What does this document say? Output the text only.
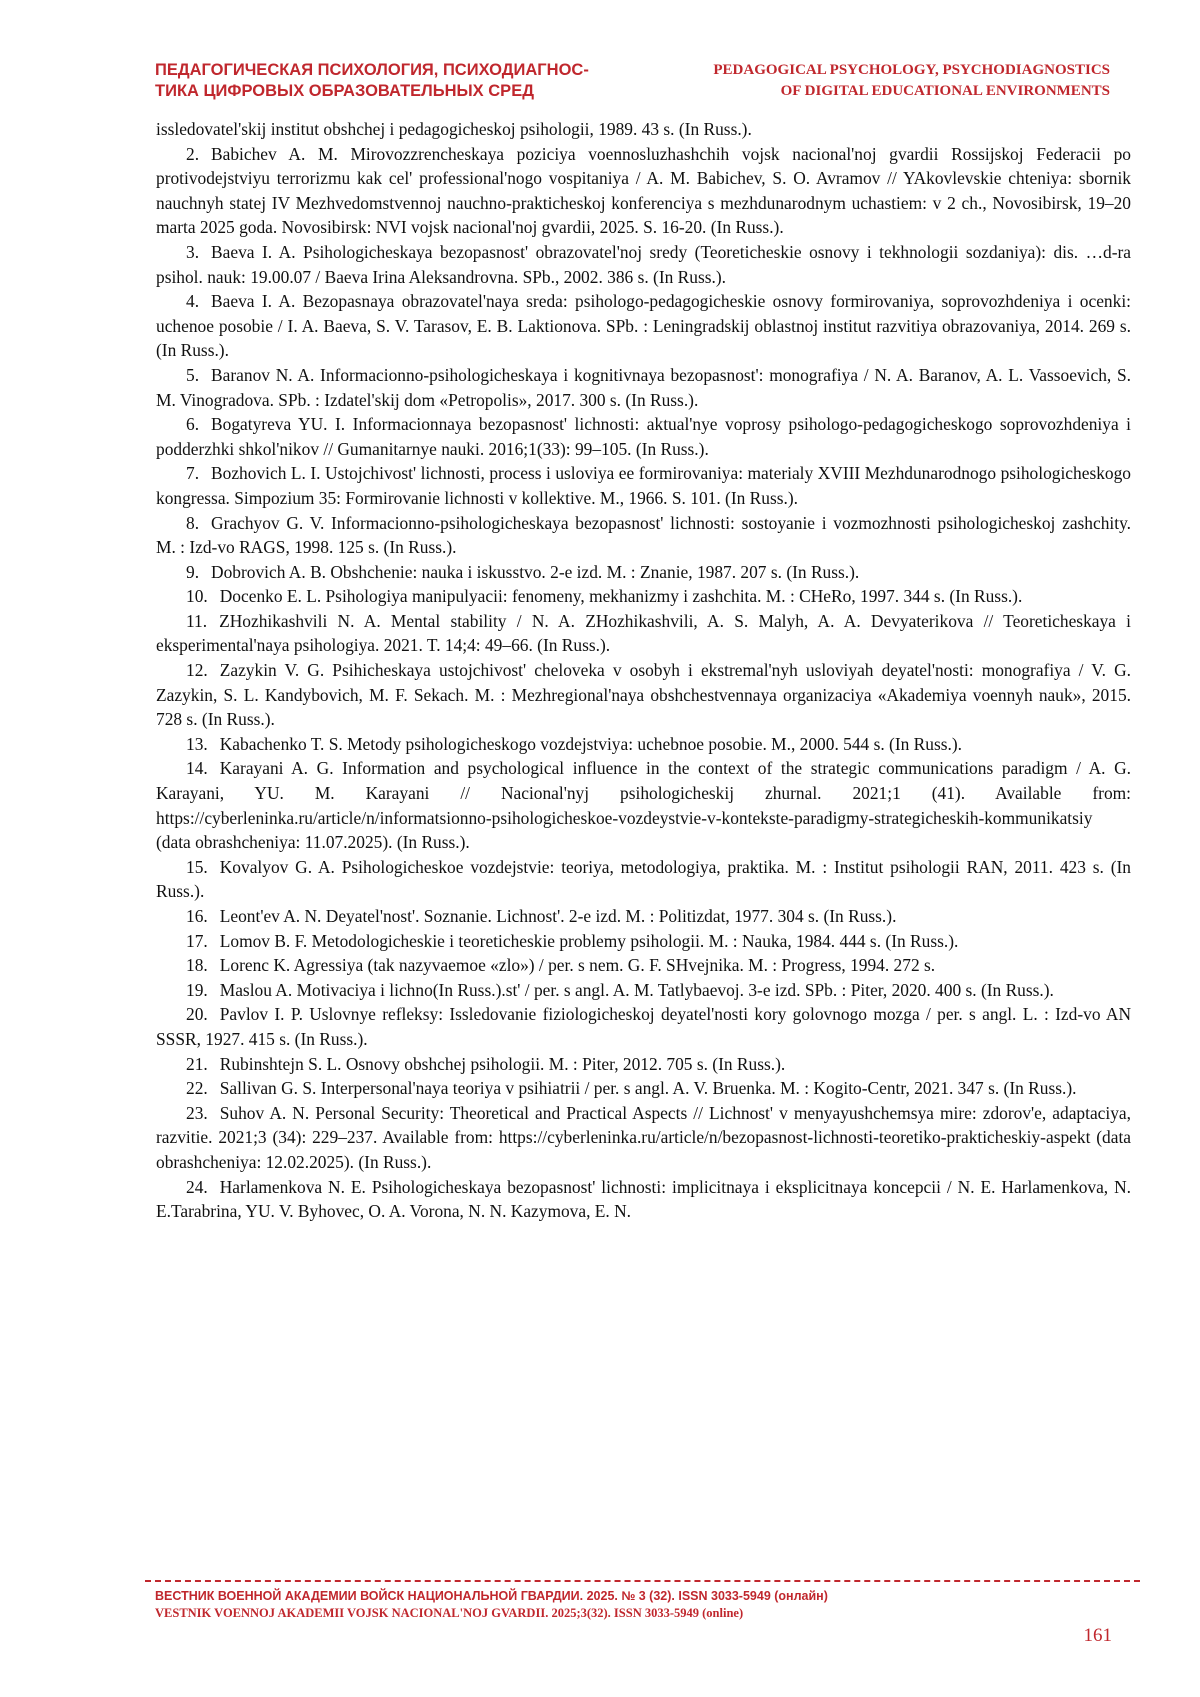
ПЕДАГОГИЧЕСКАЯ ПСИХОЛОГИЯ, ПСИХОДИАГНОС-
ТИКА ЦИФРОВЫХ ОБРАЗОВАТЕЛЬНЫХ СРЕД
PEDAGOGICAL PSYCHOLOGY, PSYCHODIAGNOSTICS
OF DIGITAL EDUCATIONAL ENVIRONMENTS

issledovatel'skij institut obshchej i pedagogicheskoj psihologii, 1989. 43 s. (In Russ.).

2. Babichev A. M. Mirovozzrencheskaya poziciya voennosluzhashchih vojsk nacional'noj gvardii Rossijskoj Federacii po protivodejstviyu terrorizmu kak cel' professional'nogo vospitaniya / A. M. Babichev, S. O. Avramov // YAkovlevskie chteniya: sbornik nauchnyh statej IV Mezhvedomstvennoj nauchno-prakticheskoj konferenciya s mezhdunarodnym uchastiem: v 2 ch., Novosibirsk, 19–20 marta 2025 goda. Novosibirsk: NVI vojsk nacional'noj gvardii, 2025. S. 16-20. (In Russ.).

3. Baeva I. A. Psihologicheskaya bezopasnost' obrazovatel'noj sredy (Teoreticheskie osnovy i tekhnologii sozdaniya): dis. …d-ra psihol. nauk: 19.00.07 / Baeva Irina Aleksandrovna. SPb., 2002. 386 s. (In Russ.).

4. Baeva I. A. Bezopasnaya obrazovatel'naya sreda: psihologo-pedagogicheskie osnovy formirovaniya, soprovozhdeniya i ocenki: uchenoe posobie / I. A. Baeva, S. V. Tarasov, E. B. Laktionova. SPb. : Leningradskij oblastnoj institut razvitiya obrazovaniya, 2014. 269 s. (In Russ.).

5. Baranov N. A. Informacionno-psihologicheskaya i kognitivnaya bezopasnost': monografiya / N. A. Baranov, A. L. Vassoevich, S. M. Vinogradova. SPb. : Izdatel'skij dom «Petropolis», 2017. 300 s. (In Russ.).

6. Bogatyreva YU. I. Informacionnaya bezopasnost' lichnosti: aktual'nye voprosy psihologo-pedagogicheskogo soprovozhdeniya i podderzhki shkol'nikov // Gumanitarnye nauki. 2016;1(33): 99–105. (In Russ.).

7. Bozhovich L. I. Ustojchivost' lichnosti, process i usloviya ee formirovaniya: materialy XVIII Mezhdunarodnogo psihologicheskogo kongressa. Simpozium 35: Formirovanie lichnosti v kollektive. M., 1966. S. 101. (In Russ.).

8. Grachyov G. V. Informacionno-psihologicheskaya bezopasnost' lichnosti: sostoyanie i vozmozhnosti psihologicheskoj zashchity. M. : Izd-vo RAGS, 1998. 125 s. (In Russ.).

9. Dobrovich A. B. Obshchenie: nauka i iskusstvo. 2-e izd. M. : Znanie, 1987. 207 s. (In Russ.).

10. Docenko E. L. Psihologiya manipulyacii: fenomeny, mekhanizmy i zashchita. M. : CHeRo, 1997. 344 s. (In Russ.).

11. ZHozhikashvili N. A. Mental stability / N. A. ZHozhikashvili, A. S. Malyh, A. A. Devyaterikova // Teoreticheskaya i eksperimental'naya psihologiya. 2021. T. 14;4: 49–66. (In Russ.).

12. Zazykin V. G. Psihicheskaya ustojchivost' cheloveka v osobyh i ekstremal'nyh usloviyah deyatel'nosti: monografiya / V. G. Zazykin, S. L. Kandybovich, M. F. Sekach. M. : Mezhregional'naya obshchestvennaya organizaciya «Akademiya voennyh nauk», 2015. 728 s. (In Russ.).

13. Kabachenko T. S. Metody psihologicheskogo vozdejstviya: uchebnoe posobie. M., 2000. 544 s. (In Russ.).

14. Karayani A. G. Information and psychological influence in the context of the strategic communications paradigm / A. G. Karayani, YU. M. Karayani // Nacional'nyj psihologicheskij zhurnal. 2021;1 (41). Available from: https://cyberleninka.ru/article/n/informatsionno-psihologicheskoe-vozdeystvie-v-kontekste-paradigmy-strategicheskih-kommunikatsiy (data obrashcheniya: 11.07.2025). (In Russ.).

15. Kovalyov G. A. Psihologicheskoe vozdejstvie: teoriya, metodologiya, praktika. M. : Institut psihologii RAN, 2011. 423 s. (In Russ.).

16. Leont'ev A. N. Deyatel'nost'. Soznanie. Lichnost'. 2-e izd. M. : Politizdat, 1977. 304 s. (In Russ.).

17. Lomov B. F. Metodologicheskie i teoreticheskie problemy psihologii. M. : Nauka, 1984. 444 s. (In Russ.).

18. Lorenc K. Agressiya (tak nazyvaemoe «zlo») / per. s nem. G. F. SHvejnika. M. : Progress, 1994. 272 s.

19. Maslou A. Motivaciya i lichno(In Russ.).st' / per. s angl. A. M. Tatlybaevoj. 3-e izd. SPb. : Piter, 2020. 400 s. (In Russ.).

20. Pavlov I. P. Uslovnye refleksy: Issledovanie fiziologicheskoj deyatel'nosti kory golovnogo mozga / per. s angl. L. : Izd-vo AN SSSR, 1927. 415 s. (In Russ.).

21. Rubinshtejn S. L. Osnovy obshchej psihologii. M. : Piter, 2012. 705 s. (In Russ.).

22. Sallivan G. S. Interpersonal'naya teoriya v psihiatrii / per. s angl. A. V. Bruenka. M. : Kogito-Centr, 2021. 347 s. (In Russ.).

23. Suhov A. N. Personal Security: Theoretical and Practical Aspects // Lichnost' v menyayushchemsya mire: zdorov'e, adaptaciya, razvitie. 2021;3 (34): 229–237. Available from: https://cyberleninka.ru/article/n/bezopasnost-lichnosti-teoretiko-prakticheskiy-aspekt (data obrashcheniya: 12.02.2025). (In Russ.).

24. Harlamenkova N. E. Psihologicheskaya bezopasnost' lichnosti: implicitnaya i eksplicitnaya koncepcii / N. E. Harlamenkova, N. E.Tarabrina, YU. V. Byhovec, O. A. Vorona, N. N. Kazymova, E. N.

ВЕСТНИК ВОЕННОЙ АКАДЕМИИ ВОЙСК НАЦИОНАЛЬНОЙ ГВАРДИИ. 2025. № 3 (32). ISSN 3033-5949 (онлайн)
VESTNIK VOENNOJ AKADEMII VOJSK NACIONAL'NOJ GVARDII. 2025;3(32). ISSN 3033-5949 (online)
161
